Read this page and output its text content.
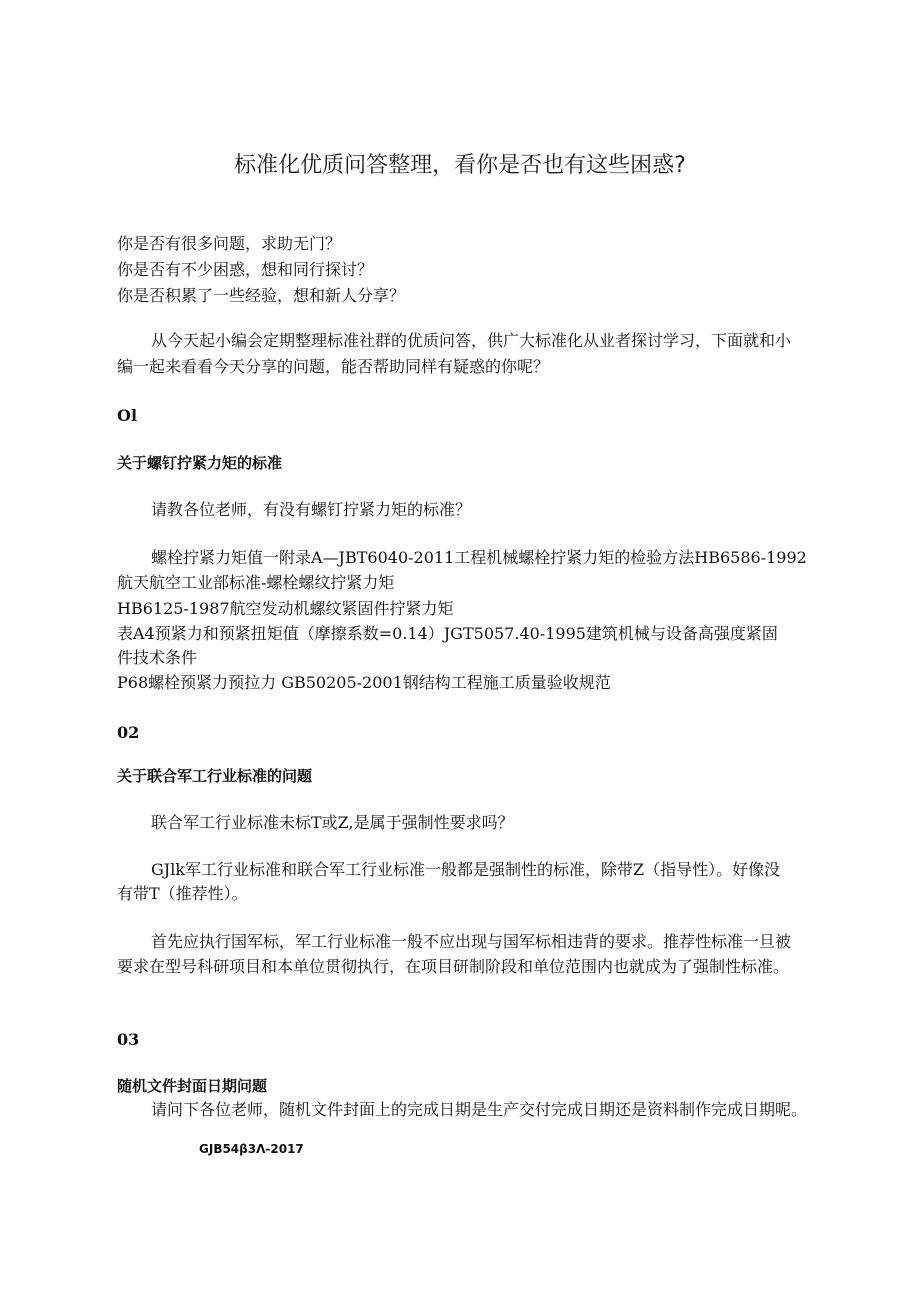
标准化优质问答整理，看你是否也有这些困惑?
你是否有很多问题，求助无门？
你是否有不少困惑，想和同行探讨？
你是否积累了一些经验，想和新人分享？
从今天起小编会定期整理标准社群的优质问答，供广大标准化从业者探讨学习，下面就和小
编一起来看看今天分享的问题，能否帮助同样有疑惑的你呢？
Ol
关于螺钉拧紧力矩的标准
请教各位老师，有没有螺钉拧紧力矩的标准？
螺栓拧紧力矩值一附录A—JBT6040-2011工程机械螺栓拧紧力矩的检验方法HB6586-1992
航天航空工业部标准-螺栓螺纹拧紧力矩
HB6125-1987航空发动机螺纹紧固件拧紧力矩
表Α4预紧力和预紧扭矩值（摩擦系数=0.14）JGT5057.40-1995建筑机械与设备高强度紧固
件技术条件
P68螺栓预紧力预拉力 GB50205-2001钢结构工程施工质量验收规范
02
关于联合军工行业标准的问题
联合军工行业标准未标T或Z,是属于强制性要求吗？
GJlk军工行业标准和联合军工行业标准一般都是强制性的标准，除带Z（指导性）。好像没
有带T（推荐性）。
首先应执行国军标，军工行业标准一般不应出现与国军标相违背的要求。推荐性标准一旦被
要求在型号科研项目和本单位贯彻执行，在项目研制阶段和单位范围内也就成为了强制性标准。
03
随机文件封面日期问题
请问下各位老师，随机文件封面上的完成日期是生产交付完成日期还是资料制作完成日期呢。
GJB54β3Λ-2017
